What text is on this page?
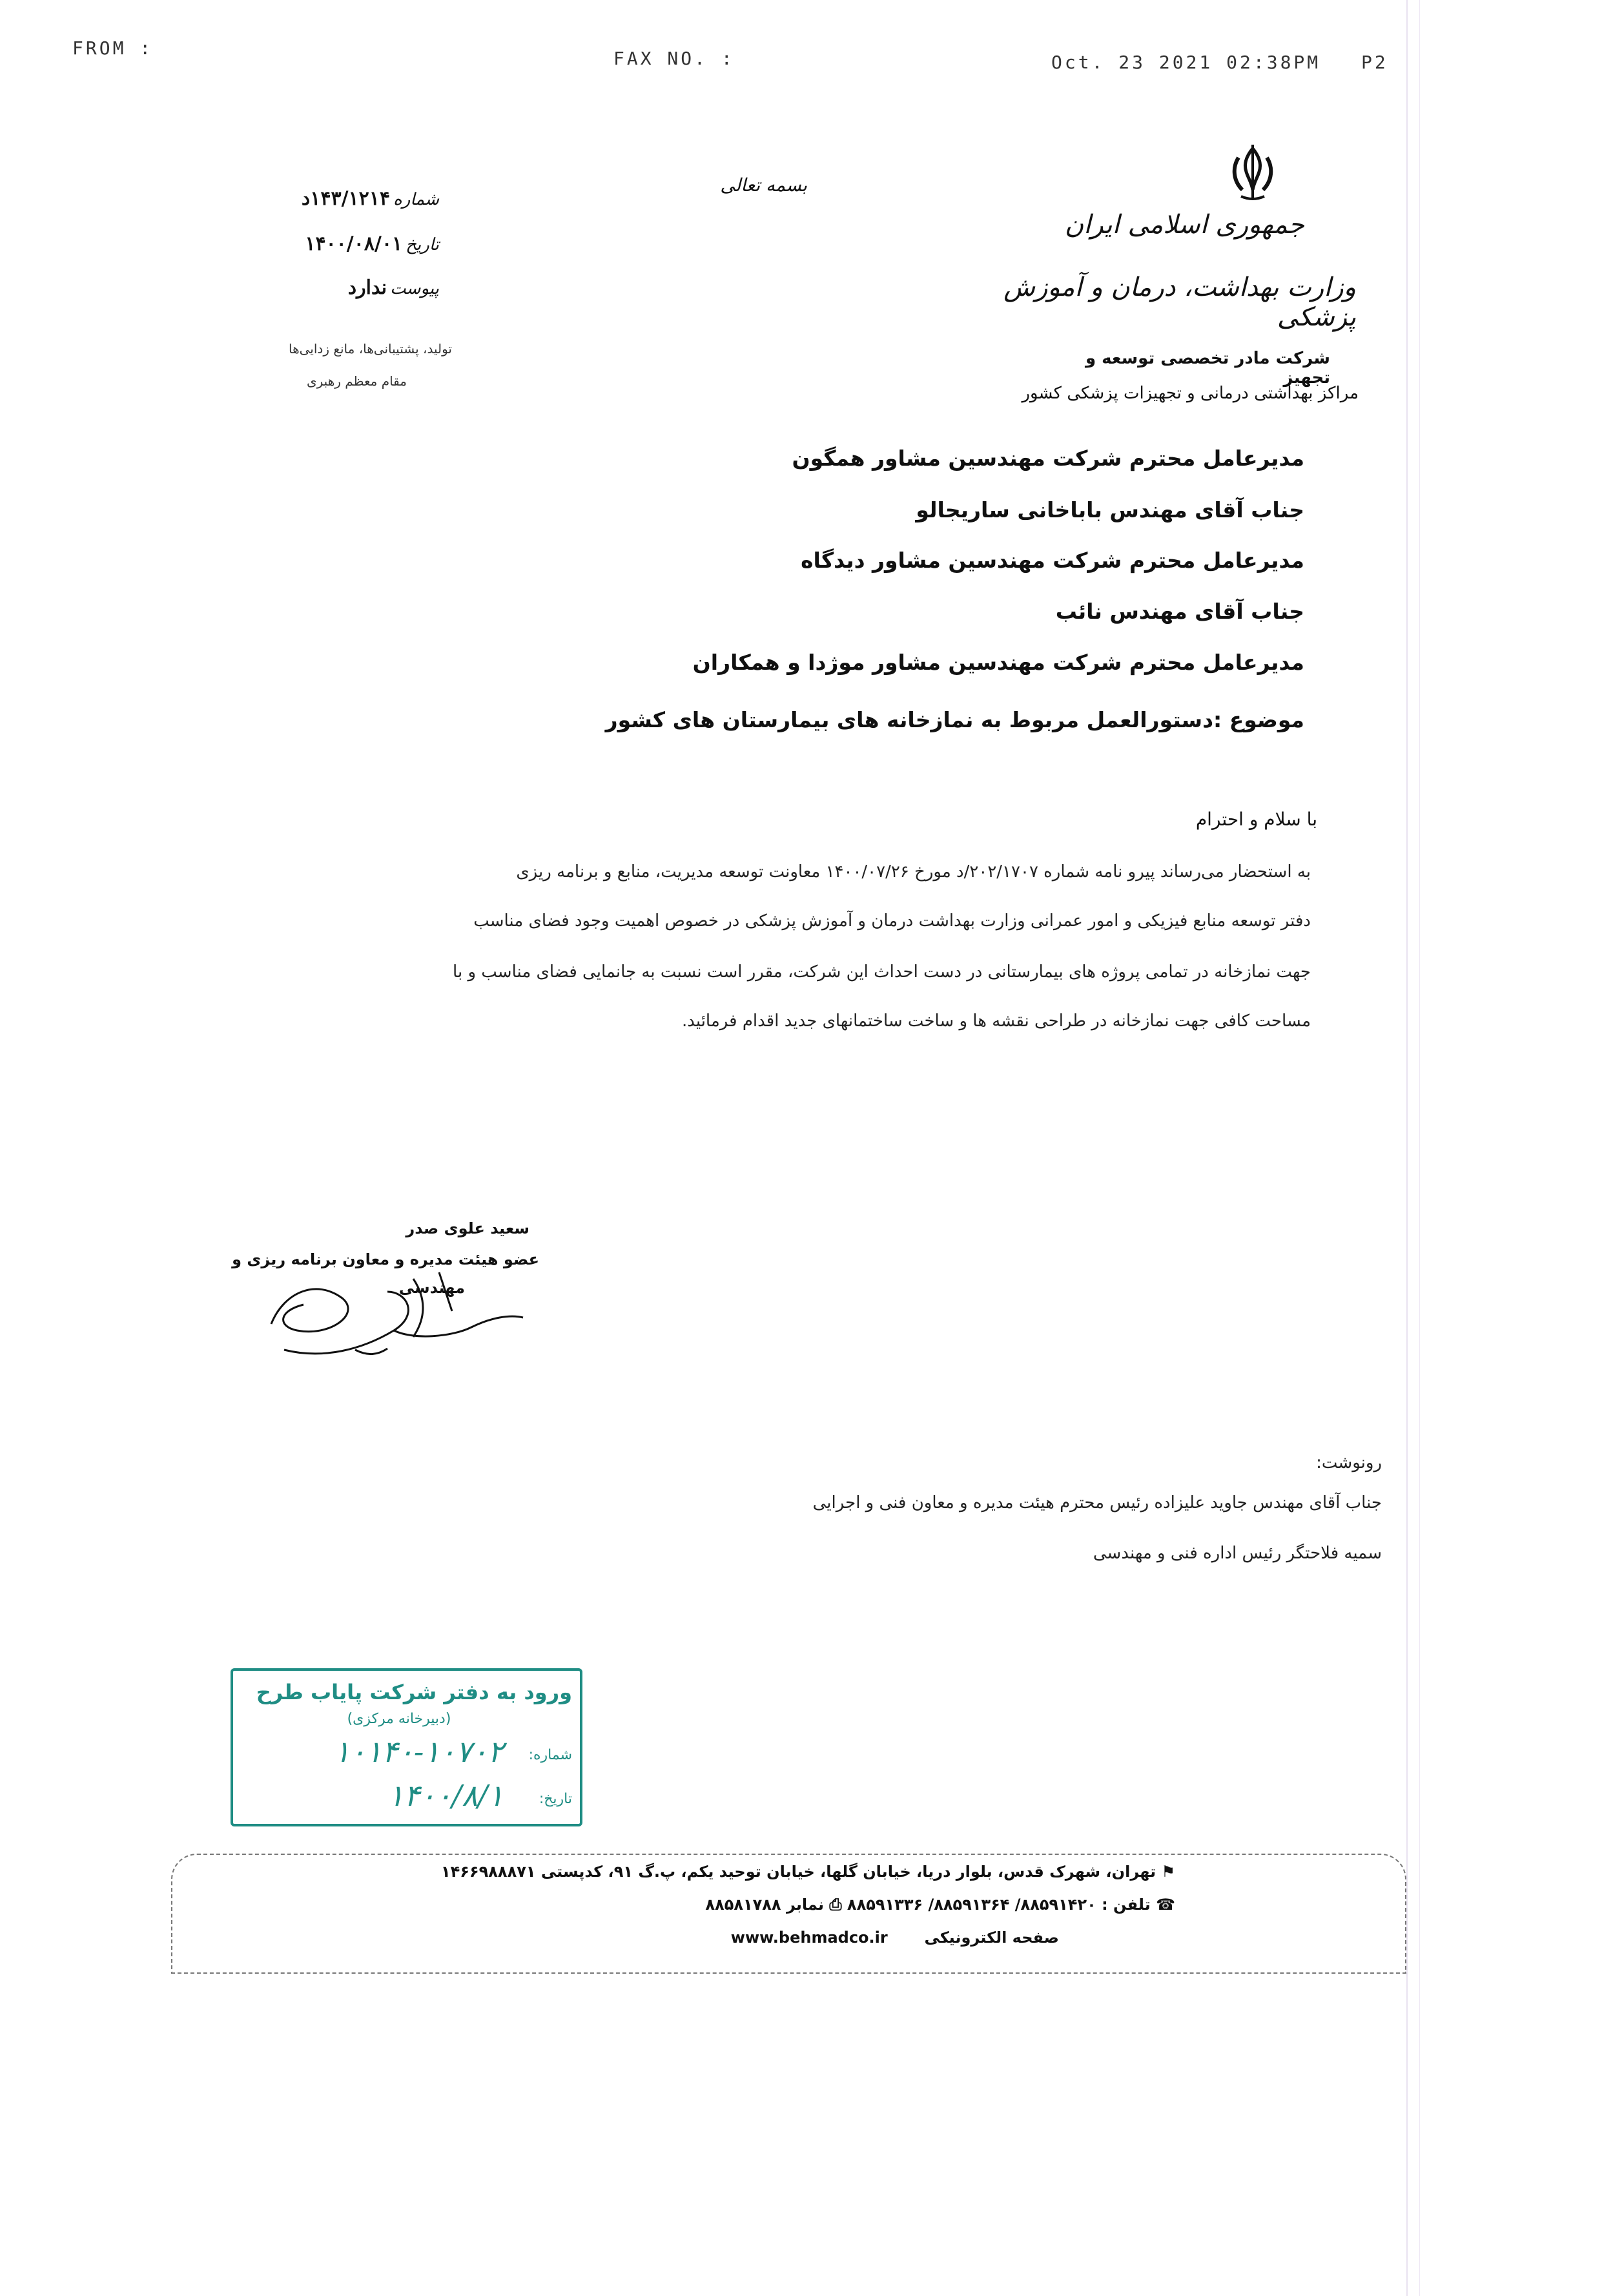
FROM :	FAX NO. :	Oct. 23 2021 02:38PM P2
شماره ۱۴۳/۱۲۱۴د
تاریخ ۱۴۰۰/۰۸/۰۱
پیوست ندارد
تولید، پشتیبانی‌ها، مانع زدایی‌ها
مقام معظم رهبری
بسمه تعالی
جمهوری اسلامی ایران
وزارت بهداشت، درمان و آموزش پزشکی
شرکت مادر تخصصی توسعه و تجهیز
مراکز بهداشتی درمانی و تجهیزات پزشکی کشور
مدیرعامل محترم شرکت مهندسین مشاور همگون
جناب آقای مهندس باباخانی ساریجالو
مدیرعامل محترم شرکت مهندسین مشاور دیدگاه
جناب آقای مهندس نائب
مدیرعامل محترم شرکت مهندسین مشاور موژدا و همکاران
موضوع :دستورالعمل مربوط به نمازخانه های بیمارستان های کشور
با سلام و احترام
به استحضار می‌رساند پیرو نامه شماره ۲۰۲/۱۷۰۷/د مورخ ۱۴۰۰/۰۷/۲۶ معاونت توسعه مدیریت، منابع و برنامه ریزی
دفتر توسعه منابع فیزیکی و امور عمرانی وزارت بهداشت درمان و آموزش پزشکی در خصوص اهمیت وجود فضای مناسب
جهت نمازخانه در تمامی پروژه های بیمارستانی در دست احداث این شرکت، مقرر است نسبت به جانمایی فضای مناسب و با
مساحت کافی جهت نمازخانه در طراحی نقشه ها و ساخت ساختمانهای جدید اقدام فرمائید.
سعید علوی صدر
عضو هیئت مدیره و معاون برنامه ریزی و
مهندسی
رونوشت:
جناب آقای مهندس جاوید علیزاده رئیس محترم هیئت مدیره و معاون فنی و اجرایی
سمیه فلاحتگر رئیس اداره فنی و مهندسی
ورود به دفتر شرکت پایاب طرح
(دبیرخانه مرکزی)
شماره:
۱۰۱۴۰-۱۰۷۰۲
تاریخ:
۱۴۰۰/۸/۱
⚑ تهران، شهرک قدس، بلوار دریا، خیابان گلها، خیابان توحید یکم، پ.گ ۹۱، کدپستی ۱۴۶۶۹۸۸۸۷۱
☎ تلفن : ۸۸۵۹۱۴۲۰/ ۸۸۵۹۱۳۶۴/ ۸۸۵۹۱۳۳۶ ⎙ نمابر ۸۸۵۸۱۷۸۸
صفحه الکترونیکی  www.behmadco.ir
